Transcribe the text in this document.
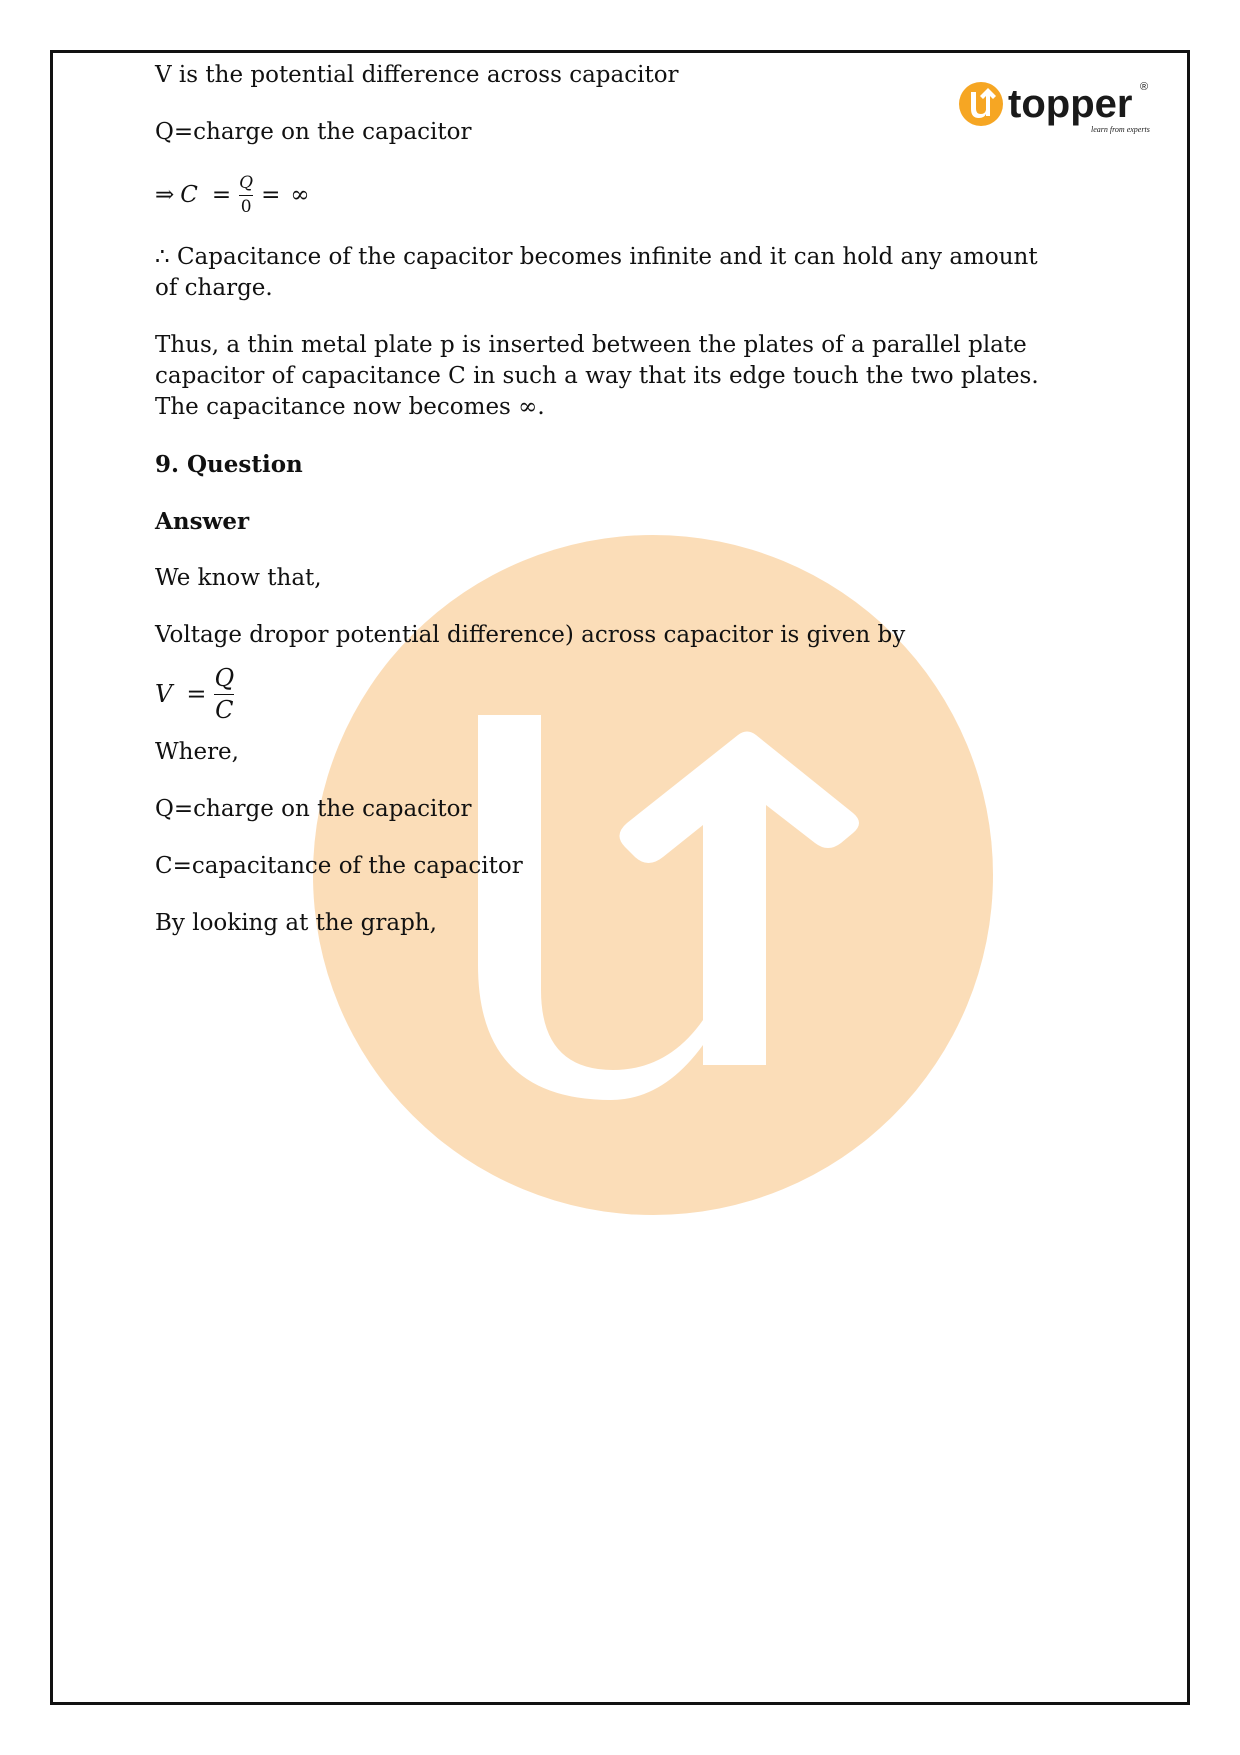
topper ®
learn from experts

V is the potential difference across capacitor

Q=charge on the capacitor

⇒ $C = \frac{Q}{0}$ = ∞

∴ Capacitance of the capacitor becomes infinite and it can hold any amount of charge.

Thus, a thin metal plate p is inserted between the plates of a parallel plate capacitor of capacitance C in such a way that its edge touch the two plates. The capacitance now becomes ∞.

9. Question

Answer

We know that,

Voltage dropor potential difference) across capacitor is given by

$V = \frac{Q}{C}$

Where,

Q=charge on the capacitor

C=capacitance of the capacitor

By looking at the graph,
